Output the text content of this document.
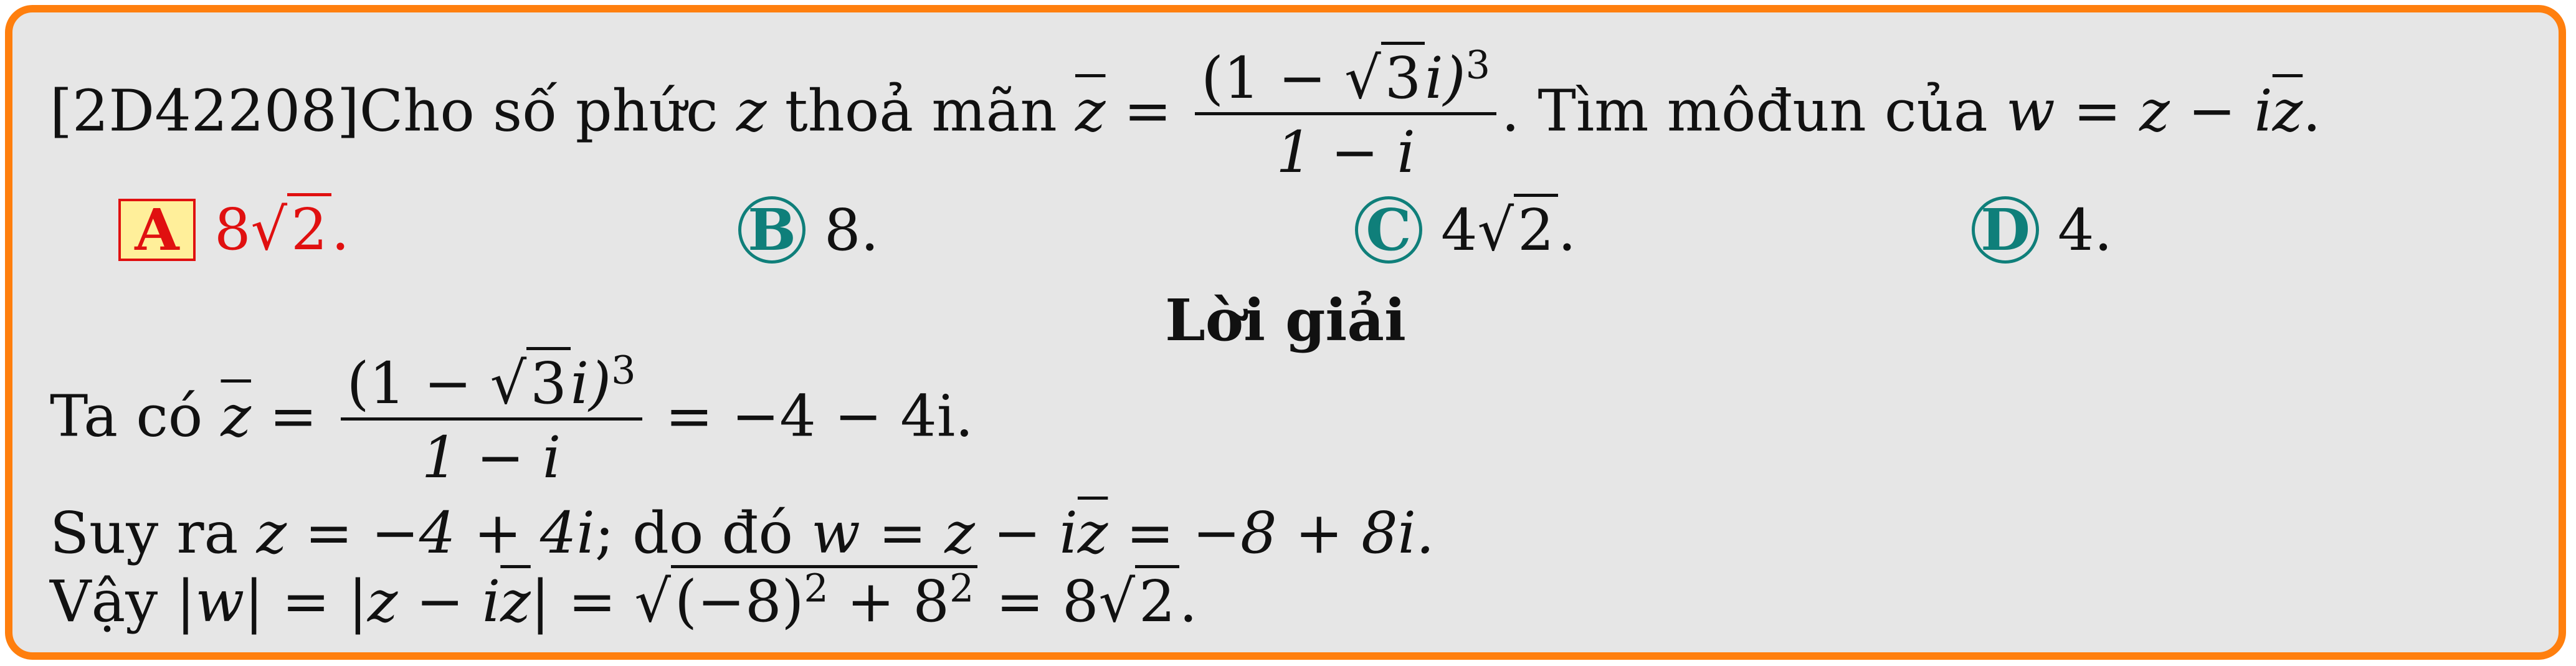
[2D42208]Cho số phức z thoả mãn $\overline{z} = \frac{(1 - √3i)^3}{1 - i}$ . Tìm môđun của $w = z - i\overline{z}$.
A 8√2.	B 8.	C 4√2.	D 4.
Lời giải
Ta có $\overline{z} = \frac{(1 - √3i)^3}{1 - i} = -4 - 4i$.
Suy ra z = −4 + 4i; do đó $w = z - i\overline{z} = -8 + 8i$.
Vậy $|w| = |z - i\overline{z}| = √(-8)^2 + 8^2 = 8√2$.
